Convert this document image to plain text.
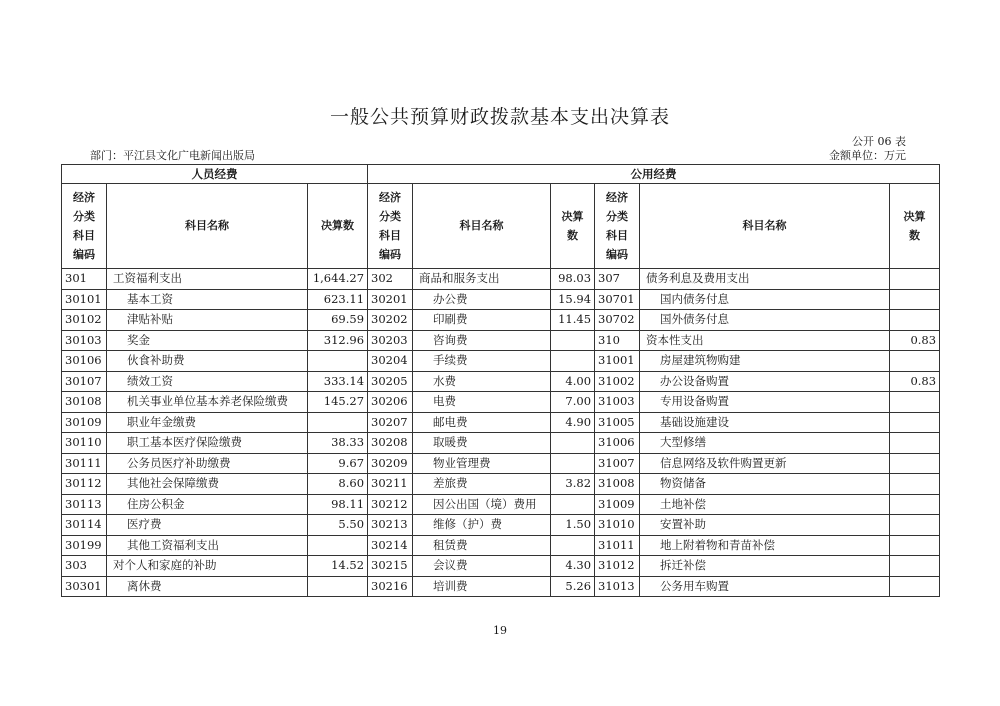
一般公共预算财政拨款基本支出决算表
公开 06 表
部门：平江县文化广电新闻出版局	金额单位：万元
人员经费			公用经费					

经济
分类
科目
编码	科目名称	决算数	经济
分类
科目
编码	科目名称	决算
数	经济
分类
科目
编码	科目名称	决算
数

301	工资福利支出	1,644.27	302	商品和服务支出	98.03	307	债务利息及费用支出	
30101	基本工资	623.11	30201	办公费	15.94	30701	国内债务付息	
30102	津贴补贴	69.59	30202	印刷费	11.45	30702	国外债务付息	
30103	奖金	312.96	30203	咨询费		310	资本性支出	0.83
30106	伙食补助费		30204	手续费		31001	房屋建筑物购建	
30107	绩效工资	333.14	30205	水费	4.00	31002	办公设备购置	0.83
30108	机关事业单位基本养老保险缴费	145.27	30206	电费	7.00	31003	专用设备购置	
30109	职业年金缴费		30207	邮电费	4.90	31005	基础设施建设	
30110	职工基本医疗保险缴费	38.33	30208	取暖费		31006	大型修缮	
30111	公务员医疗补助缴费	9.67	30209	物业管理费		31007	信息网络及软件购置更新	
30112	其他社会保障缴费	8.60	30211	差旅费	3.82	31008	物资储备	
30113	住房公积金	98.11	30212	因公出国（境）费用		31009	土地补偿	
30114	医疗费	5.50	30213	维修（护）费	1.50	31010	安置补助	
30199	其他工资福利支出		30214	租赁费		31011	地上附着物和青苗补偿	
303	对个人和家庭的补助	14.52	30215	会议费	4.30	31012	拆迁补偿	
30301	离休费		30216	培训费	5.26	31013	公务用车购置	
19
